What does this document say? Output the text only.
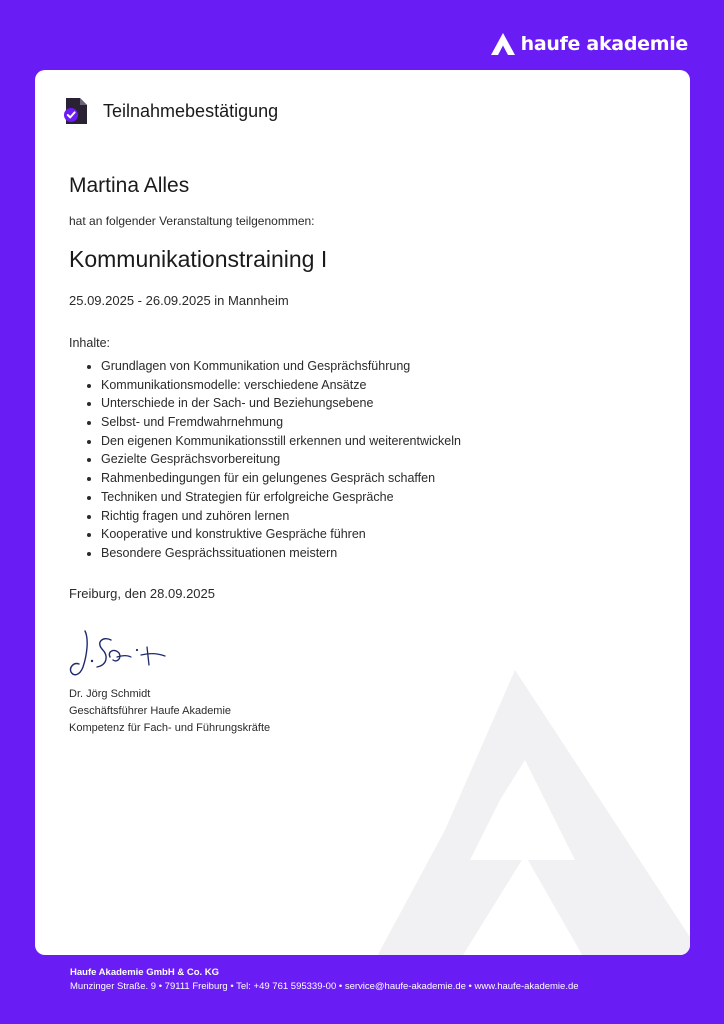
haufe akademie
Teilnahmebestätigung
Martina Alles
hat an folgender Veranstaltung teilgenommen:
Kommunikationstraining I
25.09.2025 - 26.09.2025 in Mannheim
Inhalte:
• Grundlagen von Kommunikation und Gesprächsführung
• Kommunikationsmodelle: verschiedene Ansätze
• Unterschiede in der Sach- und Beziehungsebene
• Selbst- und Fremdwahrnehmung
• Den eigenen Kommunikationsstill erkennen und weiterentwickeln
• Gezielte Gesprächsvorbereitung
• Rahmenbedingungen für ein gelungenes Gespräch schaffen
• Techniken und Strategien für erfolgreiche Gespräche
• Richtig fragen und zuhören lernen
• Kooperative und konstruktive Gespräche führen
• Besondere Gesprächssituationen meistern
Freiburg, den 28.09.2025
Dr. Jörg Schmidt
Geschäftsführer Haufe Akademie
Kompetenz für Fach- und Führungskräfte
Haufe Akademie GmbH & Co. KG
Munzinger Straße. 9 • 79111 Freiburg • Tel: +49 761 595339-00 • service@haufe-akademie.de • www.haufe-akademie.de
